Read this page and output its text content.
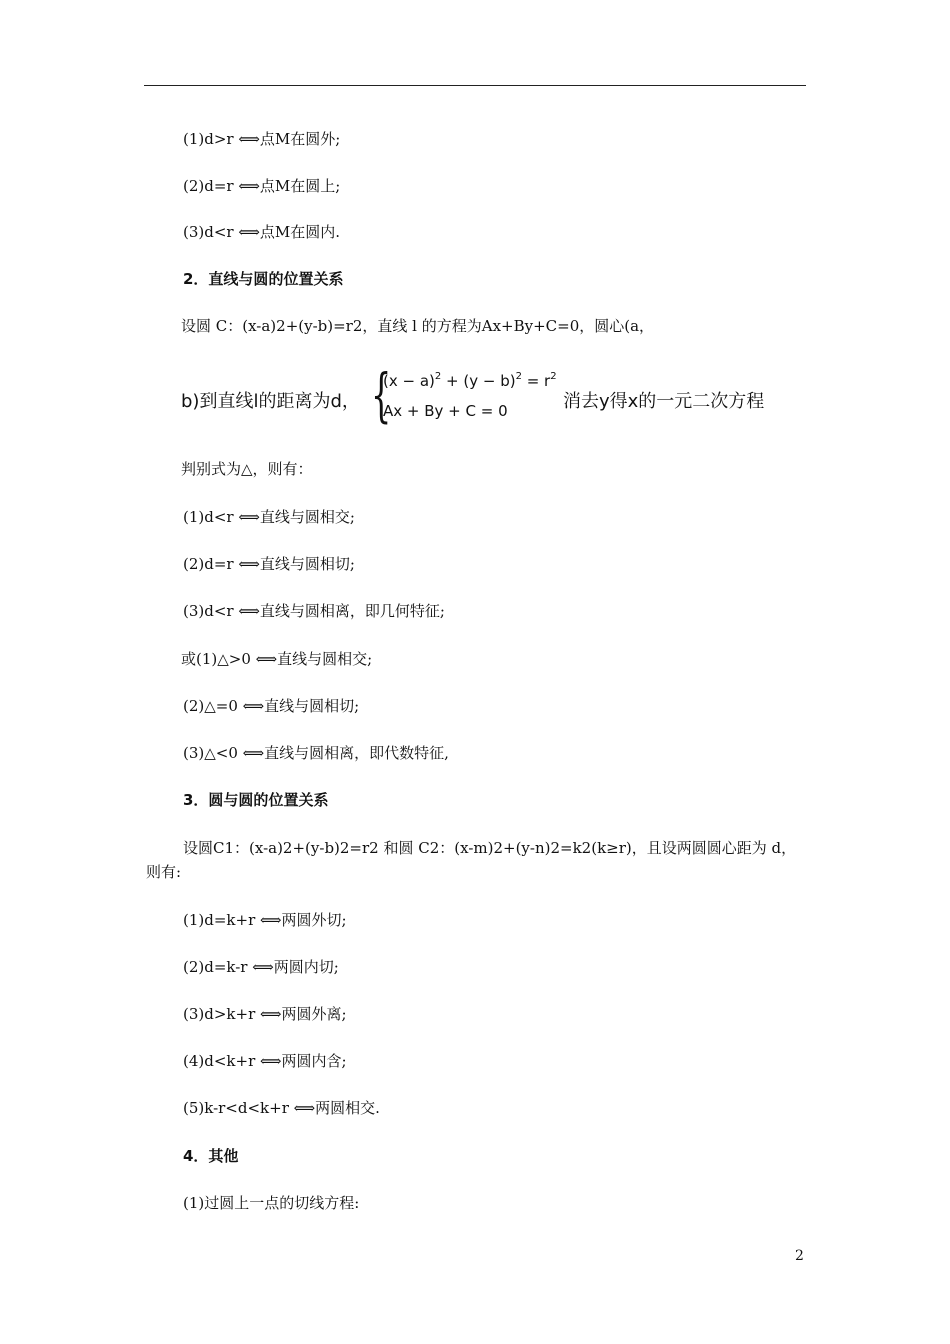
(1)d>r ⟺点M在圆外;
(2)d=r ⟺点M在圆上;
(3)d<r ⟺点M在圆内.
2．直线与圆的位置关系
设圆 C：(x-a)2+(y-b)=r2，直线 l 的方程为Ax+By+C=0，圆心(a，
b)到直线l的距离为d， {
$(x - a)^2 + (y - b)^2 = r^2$
Ax + By + C = 0	消去y得x的一元二次方程
判别式为△，则有：
(1)d<r ⟺直线与圆相交;
(2)d=r ⟺直线与圆相切;
(3)d<r ⟺直线与圆相离，即几何特征;
或(1)△>0 ⟺直线与圆相交;
(2)△=0 ⟺直线与圆相切;
(3)△<0 ⟺直线与圆相离，即代数特征,
3．圆与圆的位置关系
设圆C1：(x-a)2+(y-b)2=r2 和圆 C2：(x-m)2+(y-n)2=k2(k≥r)，且设两圆圆心距为 d，
则有:
(1)d=k+r ⟺两圆外切;
(2)d=k-r ⟺两圆内切;
(3)d>k+r ⟺两圆外离;
(4)d<k+r ⟺两圆内含;
(5)k-r<d<k+r ⟺两圆相交.
4．其他
(1)过圆上一点的切线方程:
2
